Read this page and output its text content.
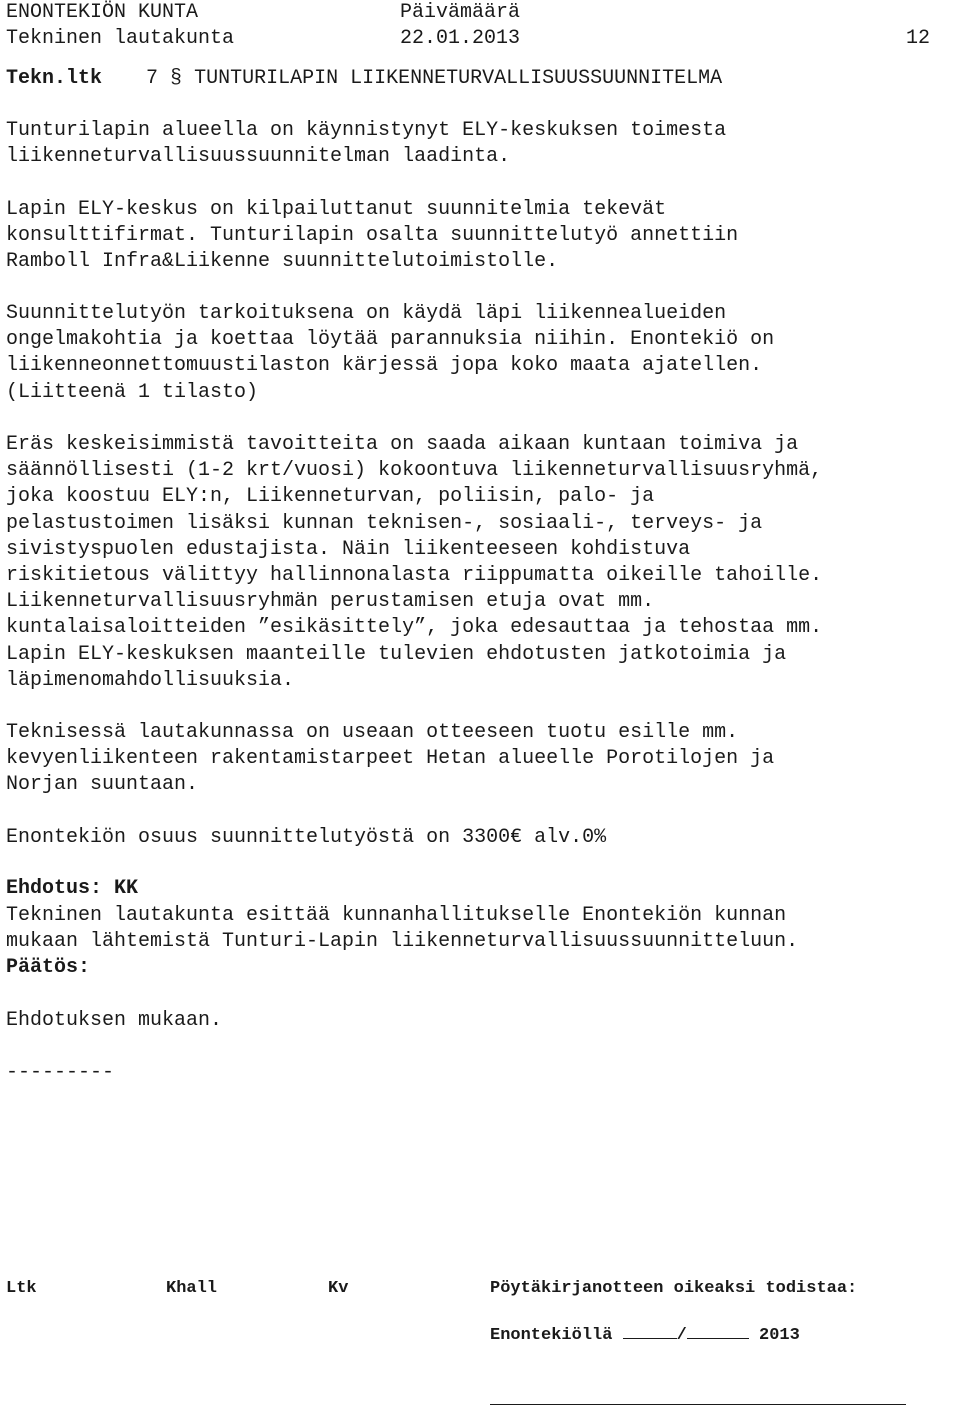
ENONTEKIÖN KUNTA
Tekninen lautakunta
Päivämäärä
22.01.2013	12
Tekn.ltk 7 § TUNTURILAPIN LIIKENNETURVALLISUUSSUUNNITELMA
Tunturilapin alueella on käynnistynyt ELY-keskuksen toimesta
liikenneturvallisuussuunnitelman laadinta.
Lapin ELY-keskus on kilpailuttanut suunnitelmia tekevät
konsulttifirmat. Tunturilapin osalta suunnittelutyö annettiin
Ramboll Infra&Liikenne suunnittelutoimistolle.
Suunnittelutyön tarkoituksena on käydä läpi liikennealueiden
ongelmakohtia ja koettaa löytää parannuksia niihin. Enontekiö on
liikenneonnettomuustilaston kärjessä jopa koko maata ajatellen.
(Liitteenä 1 tilasto)
Eräs keskeisimmistä tavoitteita on saada aikaan kuntaan toimiva ja
säännöllisesti (1-2 krt/vuosi) kokoontuva liikenneturvallisuusryhmä,
joka koostuu ELY:n, Liikenneturvan, poliisin, palo- ja
pelastustoimen lisäksi kunnan teknisen-, sosiaali-, terveys- ja
sivistyspuolen edustajista. Näin liikenteeseen kohdistuva
riskitietous välittyy hallinnonalasta riippumatta oikeille tahoille.
Liikenneturvallisuusryhmän perustamisen etuja ovat mm.
kuntalaisaloitteiden ”esikäsittely”, joka edesauttaa ja tehostaa mm.
Lapin ELY-keskuksen maanteille tulevien ehdotusten jatkotoimia ja
läpimenomahdollisuuksia.
Teknisessä lautakunnassa on useaan otteeseen tuotu esille mm.
kevyenliikenteen rakentamistarpeet Hetan alueelle Porotilojen ja
Norjan suuntaan.
Enontekiön osuus suunnittelutyöstä on 3300€ alv.0%
Ehdotus: KK
Tekninen lautakunta esittää kunnanhallitukselle Enontekiön kunnan
mukaan lähtemistä Tunturi-Lapin liikenneturvallisuussuunnitteluun.
Päätös:
Ehdotuksen mukaan.
---------
Ltk	Khall	Kv	Pöytäkirjanotteen oikeaksi todistaa:
Enontekiöllä	/	2013
